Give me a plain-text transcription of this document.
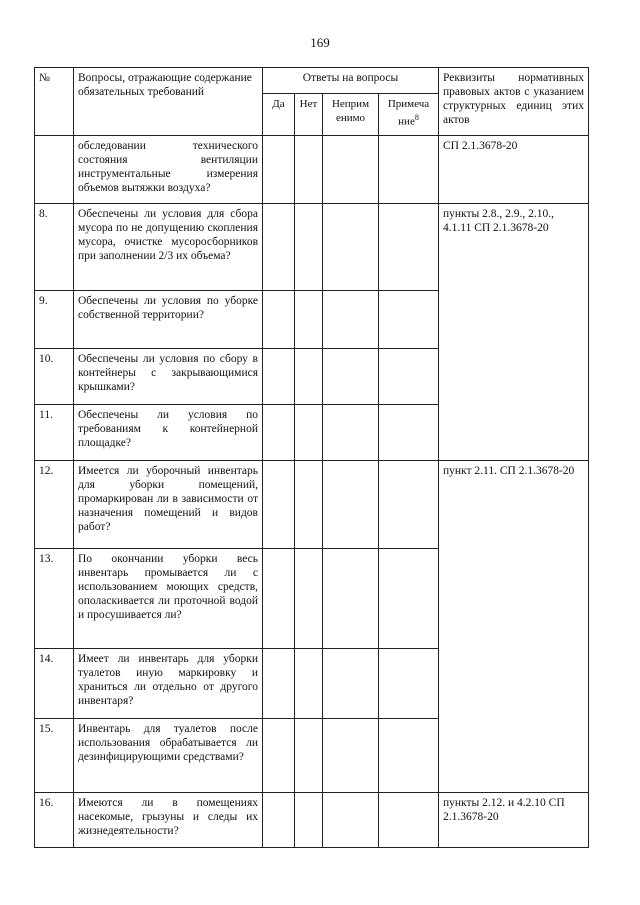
169
№	Вопросы, отражающие содержание обязательных требований	Ответы на вопросы				Реквизиты нормативных правовых актов с указанием структурных единиц этих актов
		Да	Нет	Неприм енимо	Примеча ние$^8$
	обследовании технического состояния вентиляции инструментальные измерения объемов вытяжки воздуха?					СП 2.1.3678-20
8.	Обеспечены ли условия для сбора мусора по не допущению скопления мусора, очистке мусоросборников при заполнении 2/3 их объема?					пункты 2.8., 2.9., 2.10., 4.1.11 СП 2.1.3678-20
9.	Обеспечены ли условия по уборке собственной территории?					
10.	Обеспечены ли условия по сбору в контейнеры с закрывающимися крышками?					
11.	Обеспечены ли условия по требованиям к контейнерной площадке?					
12.	Имеется ли уборочный инвентарь для уборки помещений, промаркирован ли в зависимости от назначения помещений и видов работ?					пункт 2.11. СП 2.1.3678-20
13.	По окончании уборки весь инвентарь промывается ли с использованием моющих средств, ополаскивается ли проточной водой и просушивается ли?					
14.	Имеет ли инвентарь для уборки туалетов иную маркировку и храниться ли отдельно от другого инвентаря?					
15.	Инвентарь для туалетов после использования обрабатывается ли дезинфицирующими средствами?					
16.	Имеются ли в помещениях насекомые, грызуны и следы их жизнедеятельности?					пункты 2.12. и 4.2.10 СП 2.1.3678-20
